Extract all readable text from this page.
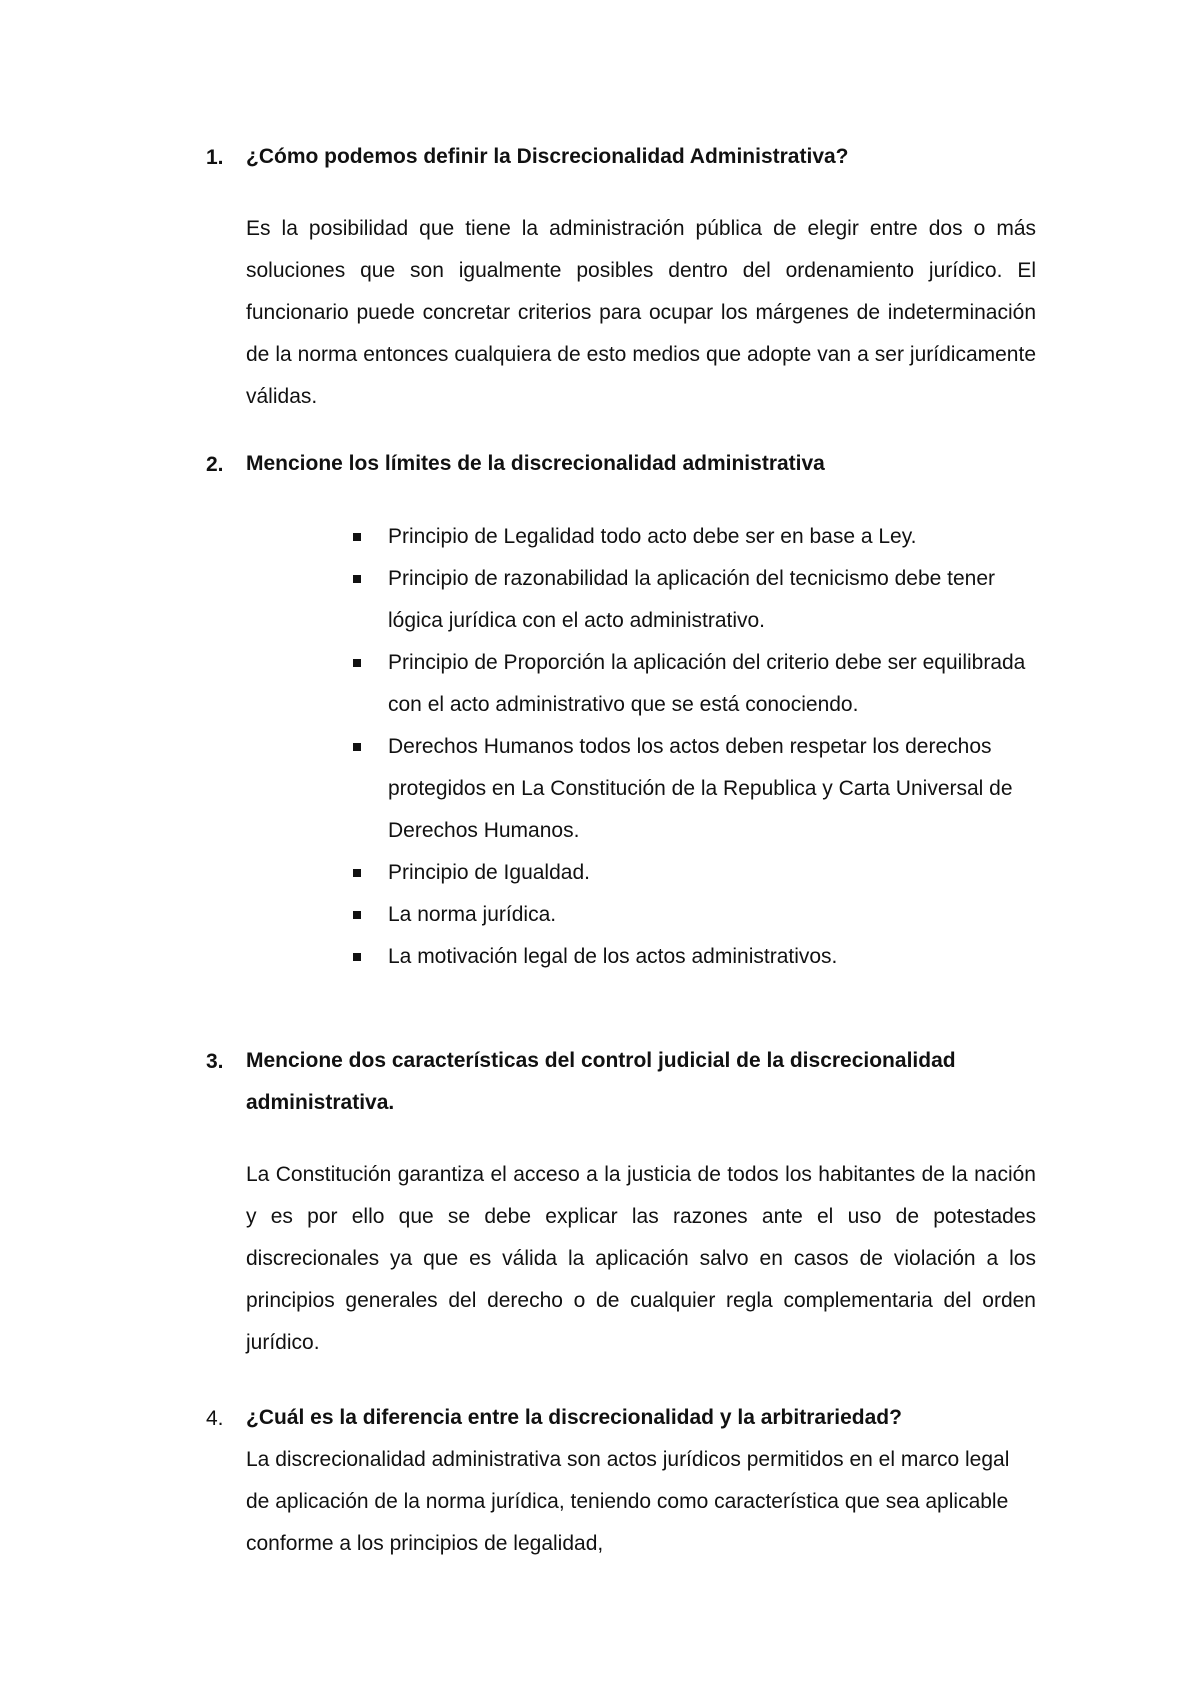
1. ¿Cómo podemos definir la Discrecionalidad Administrativa?
Es la posibilidad que tiene la administración pública de elegir entre dos o más soluciones que son igualmente posibles dentro del ordenamiento jurídico. El funcionario puede concretar criterios para ocupar los márgenes de indeterminación de la norma entonces cualquiera de esto medios que adopte van a ser jurídicamente válidas.
2. Mencione los límites de la discrecionalidad administrativa
Principio de Legalidad todo acto debe ser en base a Ley.
Principio de razonabilidad la aplicación del tecnicismo debe tener lógica jurídica con el acto administrativo.
Principio de Proporción la aplicación del criterio debe ser equilibrada con el acto administrativo que se está conociendo.
Derechos Humanos todos los actos deben respetar los derechos protegidos en La Constitución de la Republica y Carta Universal de Derechos Humanos.
Principio de Igualdad.
La norma jurídica.
La motivación legal de los actos administrativos.
3. Mencione dos características del control judicial de la discrecionalidad administrativa.
La Constitución garantiza el acceso a la justicia de todos los habitantes de la nación y es por ello que se debe explicar las razones ante el uso de potestades discrecionales ya que es válida la aplicación salvo en casos de violación a los principios generales del derecho o de cualquier regla complementaria del orden jurídico.
4. ¿Cuál es la diferencia entre la discrecionalidad y la arbitrariedad?
La discrecionalidad administrativa son actos jurídicos permitidos en el marco legal de aplicación de la norma jurídica, teniendo como característica que sea aplicable conforme a los principios de legalidad,
